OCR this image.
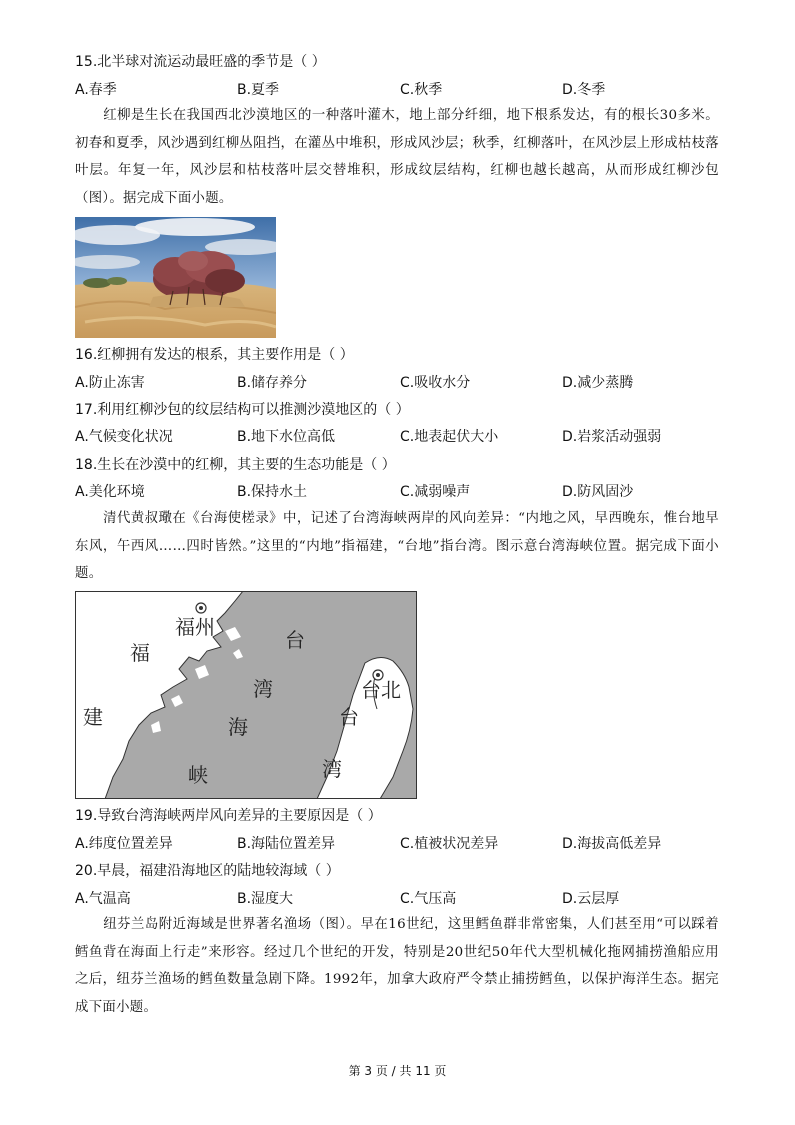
15.北半球对流运动最旺盛的季节是（ ）
A.春季	B.夏季	C.秋季	D.冬季
红柳是生长在我国西北沙漠地区的一种落叶灌木，地上部分纤细，地下根系发达，有的根长30多米。初春和夏季，风沙遇到红柳丛阻挡，在灌丛中堆积，形成风沙层；秋季，红柳落叶，在风沙层上形成枯枝落叶层。年复一年，风沙层和枯枝落叶层交替堆积，形成纹层结构，红柳也越长越高，从而形成红柳沙包（图）。据完成下面小题。
16.红柳拥有发达的根系，其主要作用是（ ）
A.防止冻害	B.储存养分	C.吸收水分	D.减少蒸腾
17.利用红柳沙包的纹层结构可以推测沙漠地区的（ ）
A.气候变化状况	B.地下水位高低	C.地表起伏大小	D.岩浆活动强弱
18.生长在沙漠中的红柳，其主要的生态功能是（ ）
A.美化环境	B.保持水土	C.减弱噪声	D.防风固沙
清代黄叔璥在《台海使槎录》中，记述了台湾海峡两岸的风向差异：“内地之风，早西晚东，惟台地早东风，午西风……四时皆然。”这里的“内地”指福建，“台地”指台湾。图示意台湾海峡位置。据完成下面小题。
福州
福
建
台
湾
海
峡
台北
台
湾
19.导致台湾海峡两岸风向差异的主要原因是（ ）
A.纬度位置差异	B.海陆位置差异	C.植被状况差异	D.海拔高低差异
20.早晨，福建沿海地区的陆地较海域（ ）
A.气温高	B.湿度大	C.气压高	D.云层厚
纽芬兰岛附近海域是世界著名渔场（图）。早在16世纪，这里鳕鱼群非常密集，人们甚至用“可以踩着鳕鱼背在海面上行走”来形容。经过几个世纪的开发，特别是20世纪50年代大型机械化拖网捕捞渔船应用之后，纽芬兰渔场的鳕鱼数量急剧下降。1992年，加拿大政府严令禁止捕捞鳕鱼，以保护海洋生态。据完成下面小题。
第 3 页 / 共 11 页
